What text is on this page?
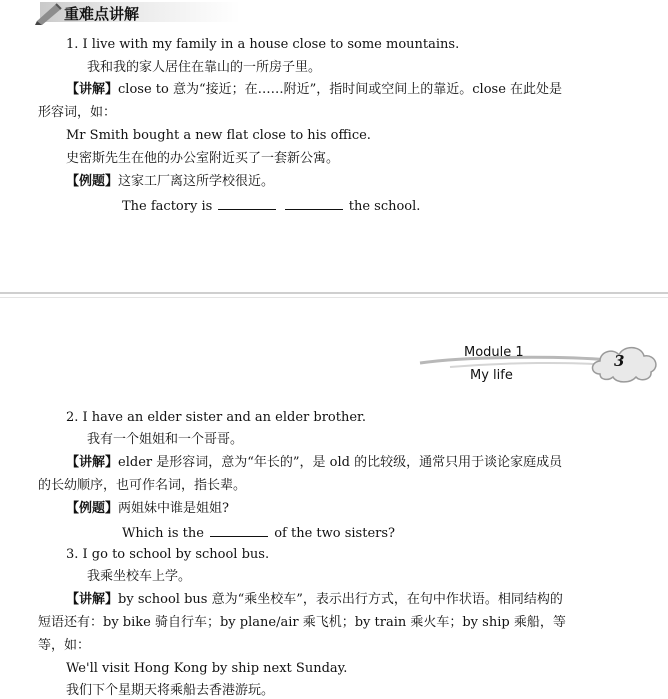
重难点讲解
1. I live with my family in a house close to some mountains.
我和我的家人居住在靠山的一所房子里。
【讲解】close to 意为“接近；在……附近”，指时间或空间上的靠近。close 在此处是
形容词，如：
Mr Smith bought a new flat close to his office.
史密斯先生在他的办公室附近买了一套新公寓。
【例题】这家工厂离这所学校很近。
The factory is	the school.
Module 1
My life
3
2. I have an elder sister and an elder brother.
我有一个姐姐和一个哥哥。
【讲解】elder 是形容词，意为“年长的”，是 old 的比较级，通常只用于谈论家庭成员
的长幼顺序，也可作名词，指长辈。
【例题】两姐妹中谁是姐姐?
Which is the	of the two sisters?
3. I go to school by school bus.
我乘坐校车上学。
【讲解】by school bus 意为“乘坐校车”，表示出行方式，在句中作状语。相同结构的
短语还有：by bike 骑自行车；by plane/air 乘飞机；by train 乘火车；by ship 乘船，等
等，如：
We'll visit Hong Kong by ship next Sunday.
我们下个星期天将乘船去香港游玩。
